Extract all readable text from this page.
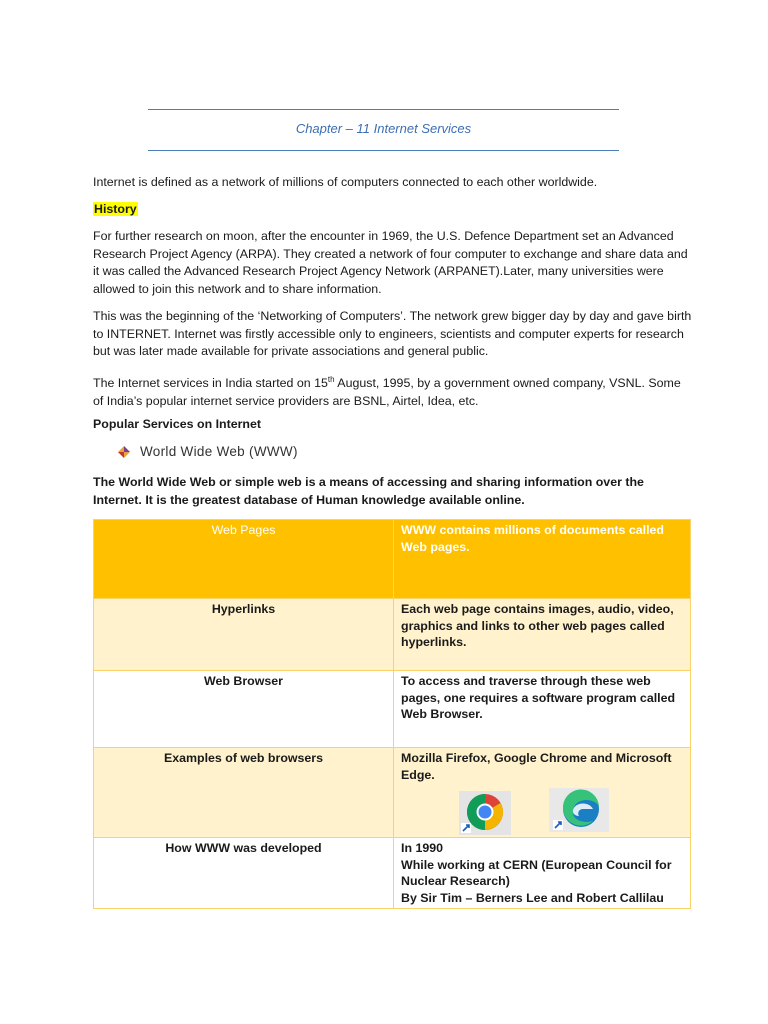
Chapter – 11 Internet Services

Internet is defined as a network of millions of computers connected to each other worldwide.

History

For further research on moon, after the encounter in 1969, the U.S. Defence Department set an Advanced Research Project Agency (ARPA). They created a network of four computer to exchange and share data and it was called the Advanced Research Project Agency Network (ARPANET).Later, many universities were allowed to join this network and to share information.

This was the beginning of the ‘Networking of Computers’. The network grew bigger day by day and gave birth to INTERNET. Internet was firstly accessible only to engineers, scientists and computer experts for research but was later made available for private associations and general public.

The Internet services in India started on 15th August, 1995, by a government owned company, VSNL. Some of India’s popular internet service providers are BSNL, Airtel, Idea, etc.

Popular Services on Internet

World Wide Web (WWW)

The World Wide Web or simple web is a means of accessing and sharing information over the Internet. It is the greatest database of Human knowledge available online.

Web Pages	WWW contains millions of documents called Web pages.
Hyperlinks	Each web page contains images, audio, video, graphics and links to other web pages called hyperlinks.
Web Browser	To access and traverse through these web pages, one requires a software program called Web Browser.
Examples of web browsers	Mozilla Firefox, Google Chrome and Microsoft Edge.

How WWW was developed	In 1990
While working at CERN (European Council for Nuclear Research)
By Sir Tim – Berners Lee and Robert Callilau
